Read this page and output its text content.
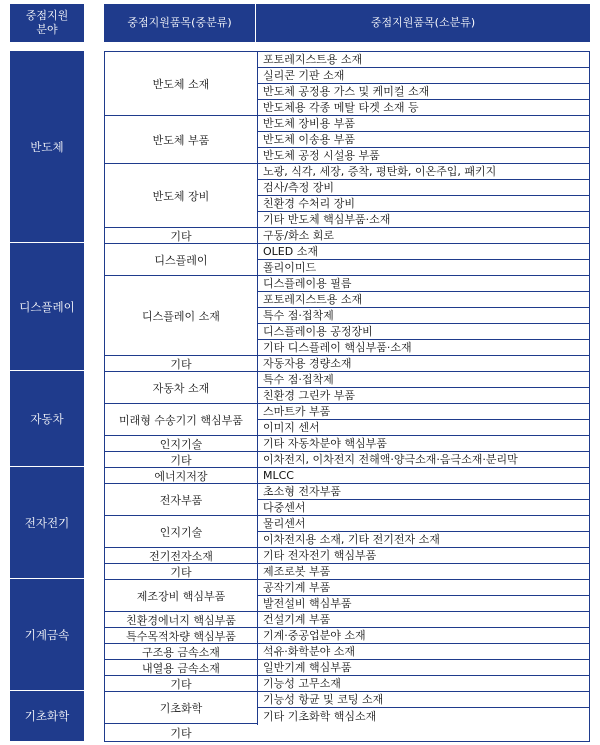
중점지원
분야
중점지원품목(중분류)	중점지원품목(소분류)
반도체
디스플레이
자동차
전자전기
기계금속
기초화학
반도체 소재
반도체 부품
반도체 장비
기타
디스플레이
디스플레이 소재
기타
자동차 소재
미래형 수송기기 핵심부품
인지기술
기타
에너지저장
전자부품
인지기술
전기전자소재
기타
제조장비 핵심부품
친환경에너지 핵심부품
특수목적차량 핵심부품
구조용 금속소재
내열용 금속소재
기타
기초화학
기타
포토레지스트용 소재
실리콘 기판 소재
반도체 공정용 가스 및 케미컬 소재
반도체용 각종 메탈 타겟 소재 등
반도체 장비용 부품
반도체 이송용 부품
반도체 공정 시설용 부품
노광, 식각, 세장, 증착, 평탄화, 이온주입, 패키지
검사/측정 장비
친환경 수처리 장비
기타 반도체 핵심부품·소재
구동/화소 회로
OLED 소재
폴리이미드
디스플레이용 필름
포토레지스트용 소재
특수 점·접착제
디스플레이용 공정장비
기타 디스플레이 핵심부품·소재
자동자용 경량소재
특수 점·접착제
친환경 그린카 부품
스마트카 부품
이미지 센서
기타 자동차분야 핵심부품
이차전지, 이차전지 전해액·양극소재·음극소재·분리막
MLCC
초소형 전자부품
다중센서
물리센서
이차전지용 소재, 기타 전기전자 소재
기타 전자전기 핵심부품
제조로봇 부품
공작기계 부품
발전설비 핵심부품
건설기계 부품
기계·중공업분야 소재
석유·화학분야 소재
일반기계 핵심부품
기능성 고무소재
기능성 항균 및 코팅 소재
기타 기초화학 핵심소재
